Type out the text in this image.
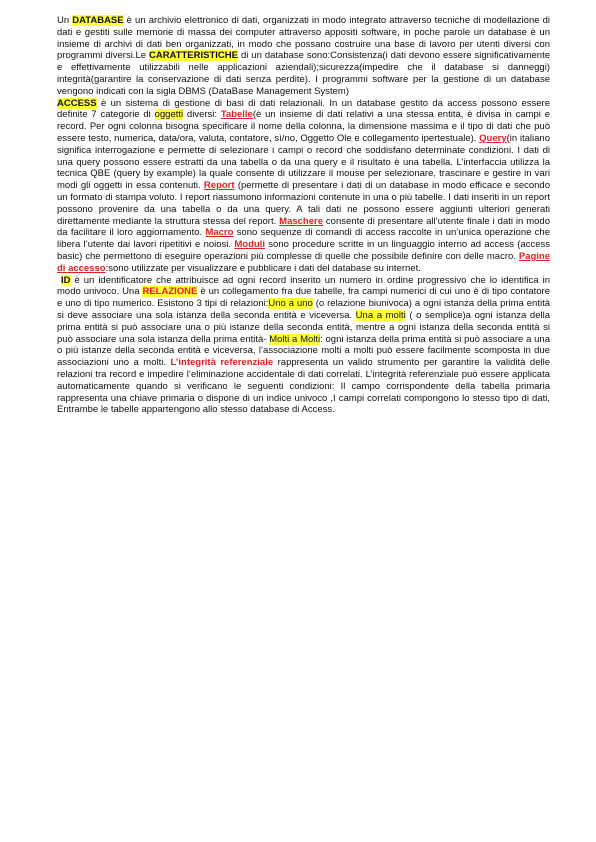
Un DATABASE è un archivio elettronico di dati, organizzati in modo integrato attraverso tecniche di modellazione di dati e gestiti sulle memorie di massa dei computer attraverso appositi software, in poche parole un database è un insieme di archivi di dati ben organizzati, in modo che possano costruire una base di lavoro per utenti diversi con programmi diversi.Le CARATTERISTICHE di un database sono:Consistenza(i dati devono essere significativamente e effettivamente utilizzabili nelle applicazioni aziendali);sicurezza(impedire che il database si danneggi) integrità(garantire la conservazione di dati senza perdite). I programmi software per la gestione di un database vengono indicati con la sigla DBMS (DataBase Management System)

ACCESS è un sistema di gestione di basi di dati relazionali. In un database gestito da access possono essere definite 7 categorie di oggetti diversi: Tabelle(è un insieme di dati relativi a una stessa entità, è divisa in campi e record. Per ogni colonna bisogna specificare il nome della colonna, la dimensione massima e il tipo di dati che può essere testo, numerica, data/ora, valuta, contatore, sì/no, Oggetto Ole e collegamento ipertestuale). Query(in italiano significa interrogazione e permette di selezionare i campi o record che soddisfano determinate condizioni. I dati di una query possono essere estratti da una tabella o da una query e il risultato è una tabella. L’interfaccia utilizza la tecnica QBE (query by example) la quale consente di utilizzare il mouse per selezionare, trascinare e gestire in vari modi gli oggetti in essa contenuti. Report (permette di presentare i dati di un database in modo efficace e secondo un formato di stampa voluto. I report riassumono informazioni contenute in una o più tabelle. I dati inseriti in un report possono provenire da una tabella o da una query. A tali dati ne possono essere aggiunti ulteriori generati direttamente mediante la struttura stessa del report. Maschere consente di presentare all’utente finale i dati in modo da facilitare il loro aggiornamento. Macro sono sequenze di comandi di access raccolte in un’unica operazione che libera l’utente dai lavori ripetitivi e noiosi. Moduli sono procedure scritte in un linguaggio interno ad access (access basic) che permettono di eseguire operazioni più complesse di quelle che possibile definire con delle macro. Pagine di accesso:sono utilizzate per visualizzare e pubblicare i dati del database su internet.

ID è un identificatore che attribuisce ad ogni record inserito un numero in ordine progressivo che lo identifica in modo univoco. Una RELAZIONE è un collegamento fra due tabelle, fra campi numerici di cui uno è di tipo contatore e uno di tipo numerico. Esistono 3 tipi di relazioni:Uno a uno (o relazione biunivoca) a ogni istanza della prima entità si deve associare una sola istanza della seconda entità e viceversa. Una a molti ( o semplice)a ogni istanza della prima entità si può associare una o più istanze della seconda entità, mentre a ogni istanza della seconda entità si può associare una sola istanza della prima entità- Molti a Molti: ogni istanza della prima entità si può associare a una o più istanze della seconda entità e viceversa, l’associazione molti a molti può essere facilmente scomposta in due associazioni uno a molti. L’integrità referenziale rappresenta un valido strumento per garantire la validità delle relazioni tra record e impedire l’eliminazione accidentale di dati correlati. L’integrità referenziale può essere applicata automaticamente quando si verificano le seguenti condizioni: Il campo corrispondente della tabella primaria rappresenta una chiave primaria o dispone di un indice univoco ,I campi correlati compongono lo stesso tipo di dati, Entrambe le tabelle appartengono allo stesso database di Access.
